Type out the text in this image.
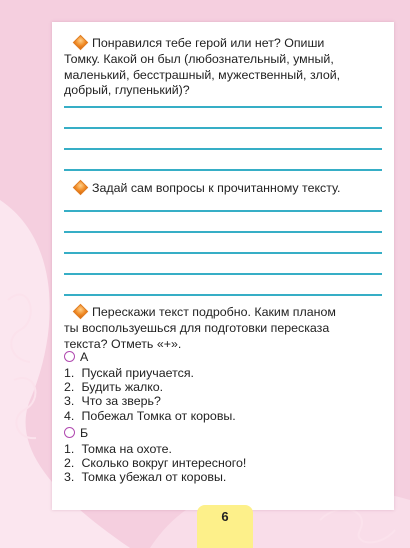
Понравился тебе герой или нет? Опиши

Томку. Какой он был (любознательный, умный,

маленький, бесстрашный, мужественный, злой,

добрый, глупенький)?

Задай сам вопросы к прочитанному тексту.

Перескажи текст подробно. Каким планом

ты воспользуешься для подготовки пересказа

текста? Отметь «+».

А
1. Пускай приучается.
2. Будить жалко.
3. Что за зверь?
4. Побежал Томка от коровы.
Б
1. Томка на охоте.
2. Сколько вокруг интересного!
3. Томка убежал от коровы.
6
